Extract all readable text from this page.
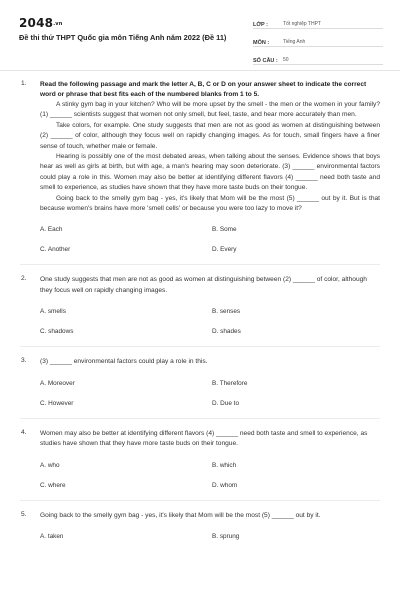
$2048^{.vn}$
Đề thi thử THPT Quốc gia môn Tiếng Anh năm 2022 (Đề 11)
LỚP :	Tốt nghiệp THPT
MÔN :	Tiếng Anh
SỐ CÂU :	50
1. Read the following passage and mark the letter A, B, C or D on your answer sheet to indicate the correct word or phrase that best fits each of the numbered blanks from 1 to 5.

A stinky gym bag in your kitchen? Who will be more upset by the smell - the men or the women in your family? (1) ______ scientists suggest that women not only smell, but feel, taste, and hear more accurately than men.

Take colors, for example. One study suggests that men are not as good as women at distinguishing between (2) ______ of color, although they focus well on rapidly changing images. As for touch, small fingers have a finer sense of touch, whether male or female.

Hearing is possibly one of the most debated areas, when talking about the senses. Evidence shows that boys hear as well as girls at birth, but with age, a man's hearing may soon deteriorate. (3) ______ environmental factors could play a role in this. Women may also be better at identifying different flavors (4) ______ need both taste and smell to experience, as studies have shown that they have more taste buds on their tongue.

Going back to the smelly gym bag - yes, it's likely that Mom will be the most (5) ______ out by it. But is that because women's brains have more 'smell cells' or because you were too lazy to move it?

A. Each	B. Some
C. Another	D. Every
2. One study suggests that men are not as good as women at distinguishing between (2) ______ of color, although they focus well on rapidly changing images.
A. smells	B. senses
C. shadows	D. shades
3. (3) ______ environmental factors could play a role in this.
A. Moreover	B. Therefore
C. However	D. Due to
4. Women may also be better at identifying different flavors (4) ______ need both taste and smell to experience, as studies have shown that they have more taste buds on their tongue.
A. who	B. which
C. where	D. whom
5. Going back to the smelly gym bag - yes, it's likely that Mom will be the most (5) ______ out by it.
A. taken	B. sprung
